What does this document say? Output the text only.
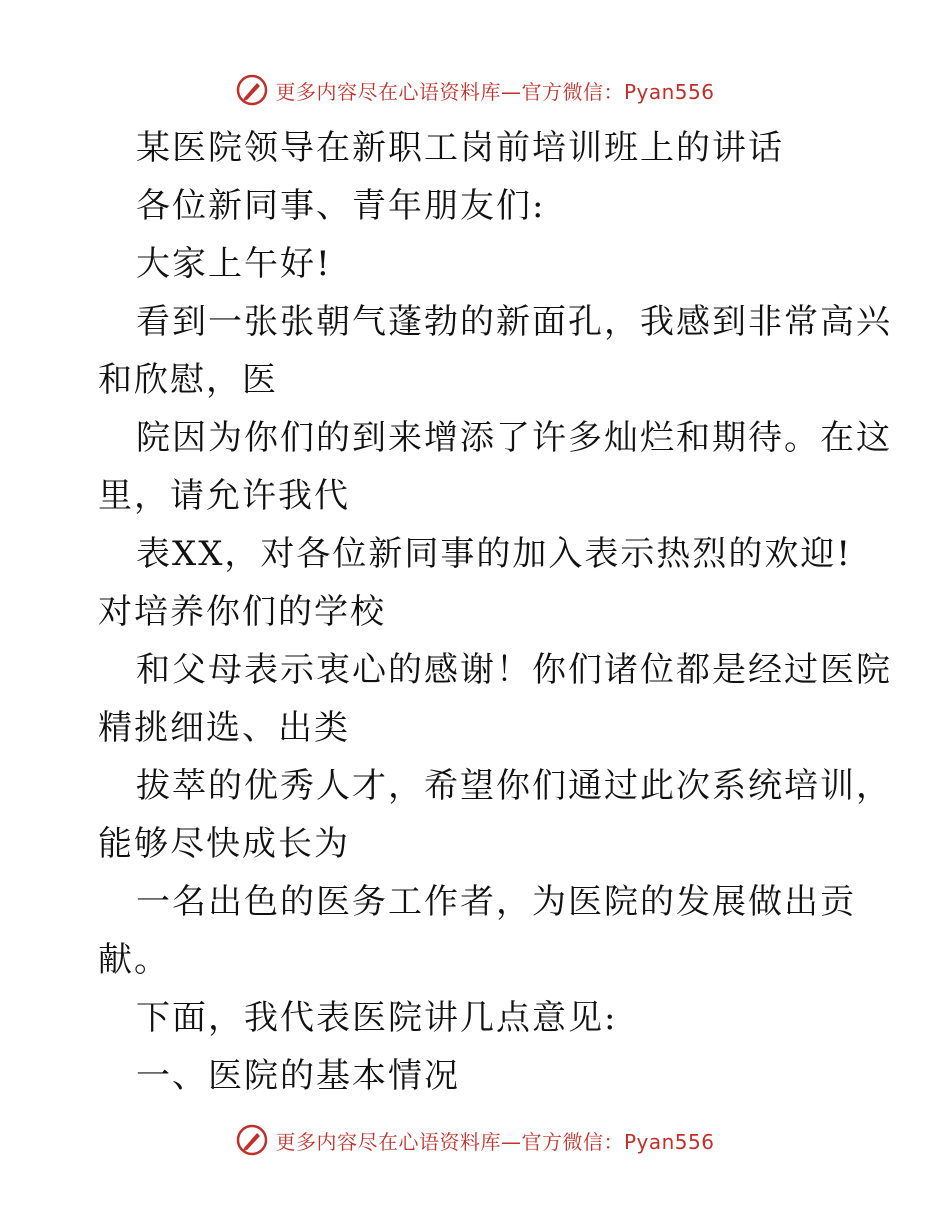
更多内容尽在心语资料库—官方微信：Pyan556
某医院领导在新职工岗前培训班上的讲话
各位新同事、青年朋友们:
大家上午好!
看到一张张朝气蓬勃的新面孔，我感到非常高兴
和欣慰，医
院因为你们的到来增添了许多灿烂和期待。在这
里，请允许我代
表XX，对各位新同事的加入表示热烈的欢迎!
对培养你们的学校
和父母表示衷心的感谢！你们诸位都是经过医院
精挑细选、出类
拔萃的优秀人才，希望你们通过此次系统培训，
能够尽快成长为
一名出色的医务工作者，为医院的发展做出贡
献。
下面，我代表医院讲几点意见:
一、医院的基本情况
更多内容尽在心语资料库—官方微信：Pyan556
